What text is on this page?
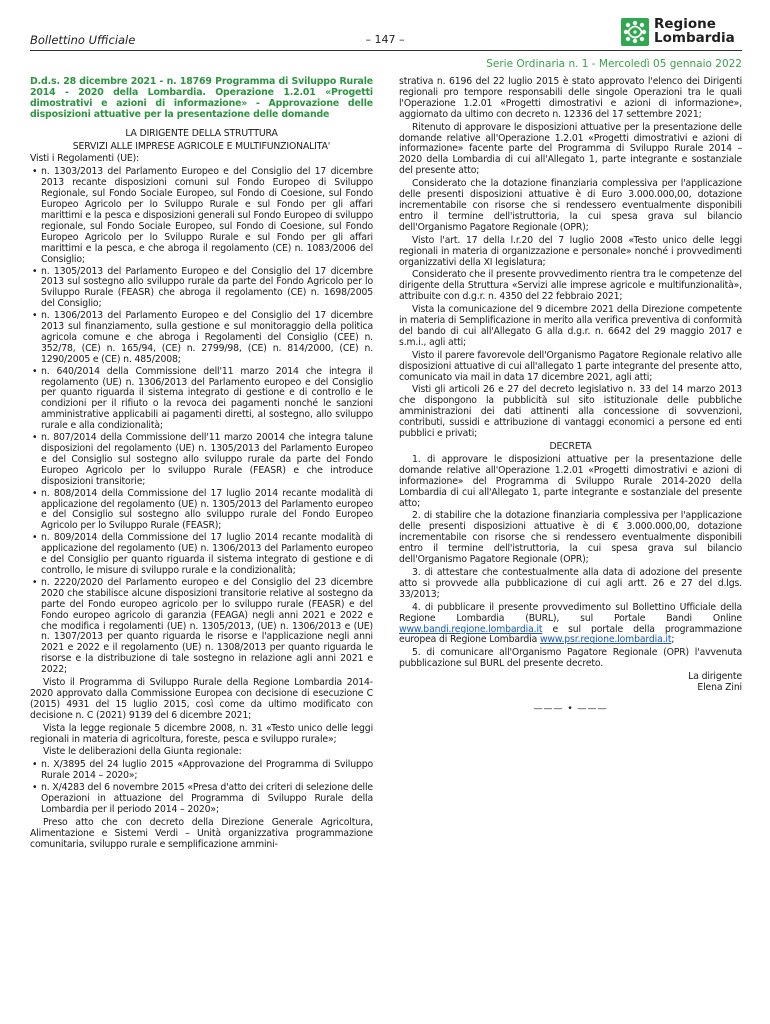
Bollettino Ufficiale	– 147 –
Regione
Lombardia
Serie Ordinaria n. 1 - Mercoledì 05 gennaio 2022
D.d.s. 28 dicembre 2021 - n. 18769 Programma di Sviluppo Rurale 2014 - 2020 della Lombardia. Operazione 1.2.01 «Progetti dimostrativi e azioni di informazione» - Approvazione delle disposizioni attuative per la presentazione delle domande

LA DIRIGENTE DELLA STRUTTURA

SERVIZI ALLE IMPRESE AGRICOLE E MULTIFUNZIONALITA'

Visti i Regolamenti (UE):

• n. 1303/2013 del Parlamento Europeo e del Consiglio del 17 dicembre 2013 recante disposizioni comuni sul Fondo Europeo di Sviluppo Regionale, sul Fondo Sociale Europeo, sul Fondo di Coesione, sul Fondo Europeo Agricolo per lo Sviluppo Rurale e sul Fondo per gli affari marittimi e la pesca e disposizioni generali sul Fondo Europeo di sviluppo regionale, sul Fondo Sociale Europeo, sul Fondo di Coesione, sul Fondo Europeo Agricolo per lo Sviluppo Rurale e sul Fondo per gli affari marittimi e la pesca, e che abroga il regolamento (CE) n. 1083/2006 del Consiglio;
• n. 1305/2013 del Parlamento Europeo e del Consiglio del 17 dicembre 2013 sul sostegno allo sviluppo rurale da parte del Fondo Agricolo per lo Sviluppo Rurale (FEASR) che abroga il regolamento (CE) n. 1698/2005 del Consiglio;
• n. 1306/2013 del Parlamento Europeo e del Consiglio del 17 dicembre 2013 sul finanziamento, sulla gestione e sul monitoraggio della politica agricola comune e che abroga i Regolamenti del Consiglio (CEE) n. 352/78, (CE) n. 165/94, (CE) n. 2799/98, (CE) n. 814/2000, (CE) n. 1290/2005 e (CE) n. 485/2008;
• n. 640/2014 della Commissione dell'11 marzo 2014 che integra il regolamento (UE) n. 1306/2013 del Parlamento europeo e del Consiglio per quanto riguarda il sistema integrato di gestione e di controllo e le condizioni per il rifiuto o la revoca dei pagamenti nonché le sanzioni amministrative applicabili ai pagamenti diretti, al sostegno, allo sviluppo rurale e alla condizionalità;
• n. 807/2014 della Commissione dell'11 marzo 20014 che integra talune disposizioni del regolamento (UE) n. 1305/2013 del Parlamento Europeo e del Consiglio sul sostegno allo sviluppo rurale da parte del Fondo Europeo Agricolo per lo sviluppo Rurale (FEASR) e che introduce disposizioni transitorie;
• n. 808/2014 della Commissione del 17 luglio 2014 recante modalità di applicazione del regolamento (UE) n. 1305/2013 del Parlamento europeo e del Consiglio sul sostegno allo sviluppo rurale del Fondo Europeo Agricolo per lo Sviluppo Rurale (FEASR);
• n. 809/2014 della Commissione del 17 luglio 2014 recante modalità di applicazione del regolamento (UE) n. 1306/2013 del Parlamento europeo e del Consiglio per quanto riguarda il sistema integrato di gestione e di controllo, le misure di sviluppo rurale e la condizionalità;
• n. 2220/2020 del Parlamento europeo e del Consiglio del 23 dicembre 2020 che stabilisce alcune disposizioni transitorie relative al sostegno da parte del Fondo europeo agricolo per lo sviluppo rurale (FEASR) e del Fondo europeo agricolo di garanzia (FEAGA) negli anni 2021 e 2022 e che modifica i regolamenti (UE) n. 1305/2013, (UE) n. 1306/2013 e (UE) n. 1307/2013 per quanto riguarda le risorse e l'applicazione negli anni 2021 e 2022 e il regolamento (UE) n. 1308/2013 per quanto riguarda le risorse e la distribuzione di tale sostegno in relazione agli anni 2021 e 2022;

Visto il Programma di Sviluppo Rurale della Regione Lombardia 2014-2020 approvato dalla Commissione Europea con decisione di esecuzione C (2015) 4931 del 15 luglio 2015, così come da ultimo modificato con decisione n. C (2021) 9139 del 6 dicembre 2021;

Vista la legge regionale 5 dicembre 2008, n. 31 «Testo unico delle leggi regionali in materia di agricoltura, foreste, pesca e sviluppo rurale»;

Viste le deliberazioni della Giunta regionale:

• n. X/3895 del 24 luglio 2015 «Approvazione del Programma di Sviluppo Rurale 2014 – 2020»;
• n. X/4283 del 6 novembre 2015 «Presa d'atto dei criteri di selezione delle Operazioni in attuazione del Programma di Sviluppo Rurale della Lombardia per il periodo 2014 – 2020»;

Preso atto che con decreto della Direzione Generale Agricoltura, Alimentazione e Sistemi Verdi – Unità organizzativa programmazione comunitaria, sviluppo rurale e semplificazione ammini-

strativa n. 6196 del 22 luglio 2015 è stato approvato l'elenco dei Dirigenti regionali pro tempore responsabili delle singole Operazioni tra le quali l'Operazione 1.2.01 «Progetti dimostrativi e azioni di informazione», aggiornato da ultimo con decreto n. 12336 del 17 settembre 2021;

Ritenuto di approvare le disposizioni attuative per la presentazione delle domande relative all'Operazione 1.2.01 «Progetti dimostrativi e azioni di informazione» facente parte del Programma di Sviluppo Rurale 2014 – 2020 della Lombardia di cui all'Allegato 1, parte integrante e sostanziale del presente atto;

Considerato che la dotazione finanziaria complessiva per l'applicazione delle presenti disposizioni attuative è di Euro 3.000.000,00, dotazione incrementabile con risorse che si rendessero eventualmente disponibili entro il termine dell'istruttoria, la cui spesa grava sul bilancio dell'Organismo Pagatore Regionale (OPR);

Visto l'art. 17 della l.r.20 del 7 luglio 2008 «Testo unico delle leggi regionali in materia di organizzazione e personale» nonché i provvedimenti organizzativi della XI legislatura;

Considerato che il presente provvedimento rientra tra le competenze del dirigente della Struttura «Servizi alle imprese agricole e multifunzionalità», attribuite con d.g.r. n. 4350 del 22 febbraio 2021;

Vista la comunicazione del 9 dicembre 2021 della Direzione competente in materia di Semplificazione in merito alla verifica preventiva di conformità del bando di cui all'Allegato G alla d.g.r. n. 6642 del 29 maggio 2017 e s.m.i., agli atti;

Visto il parere favorevole dell'Organismo Pagatore Regionale relativo alle disposizioni attuative di cui all'allegato 1 parte integrante del presente atto, comunicato via mail in data 17 dicembre 2021, agli atti;

Visti gli articoli 26 e 27 del decreto legislativo n. 33 del 14 marzo 2013 che dispongono la pubblicità sul sito istituzionale delle pubbliche amministrazioni dei dati attinenti alla concessione di sovvenzioni, contributi, sussidi e attribuzione di vantaggi economici a persone ed enti pubblici e privati;

DECRETA

1. di approvare le disposizioni attuative per la presentazione delle domande relative all'Operazione 1.2.01 «Progetti dimostrativi e azioni di informazione» del Programma di Sviluppo Rurale 2014-2020 della Lombardia di cui all'Allegato 1, parte integrante e sostanziale del presente atto;

2. di stabilire che la dotazione finanziaria complessiva per l'applicazione delle presenti disposizioni attuative è di € 3.000.000,00, dotazione incrementabile con risorse che si rendessero eventualmente disponibili entro il termine dell'istruttoria, la cui spesa grava sul bilancio dell'Organismo Pagatore Regionale (OPR);

3. di attestare che contestualmente alla data di adozione del presente atto si provvede alla pubblicazione di cui agli artt. 26 e 27 del d.lgs. 33/2013;

4. di pubblicare il presente provvedimento sul Bollettino Ufficiale della Regione Lombardia (BURL), sul Portale Bandi Online www.bandi.regione.lombardia.it e sul portale della programmazione europea di Regione Lombardia www.psr.regione.lombardia.it;

5. di comunicare all'Organismo Pagatore Regionale (OPR) l'avvenuta pubblicazione sul BURL del presente decreto.

La dirigente
Elena Zini
——— • ———
